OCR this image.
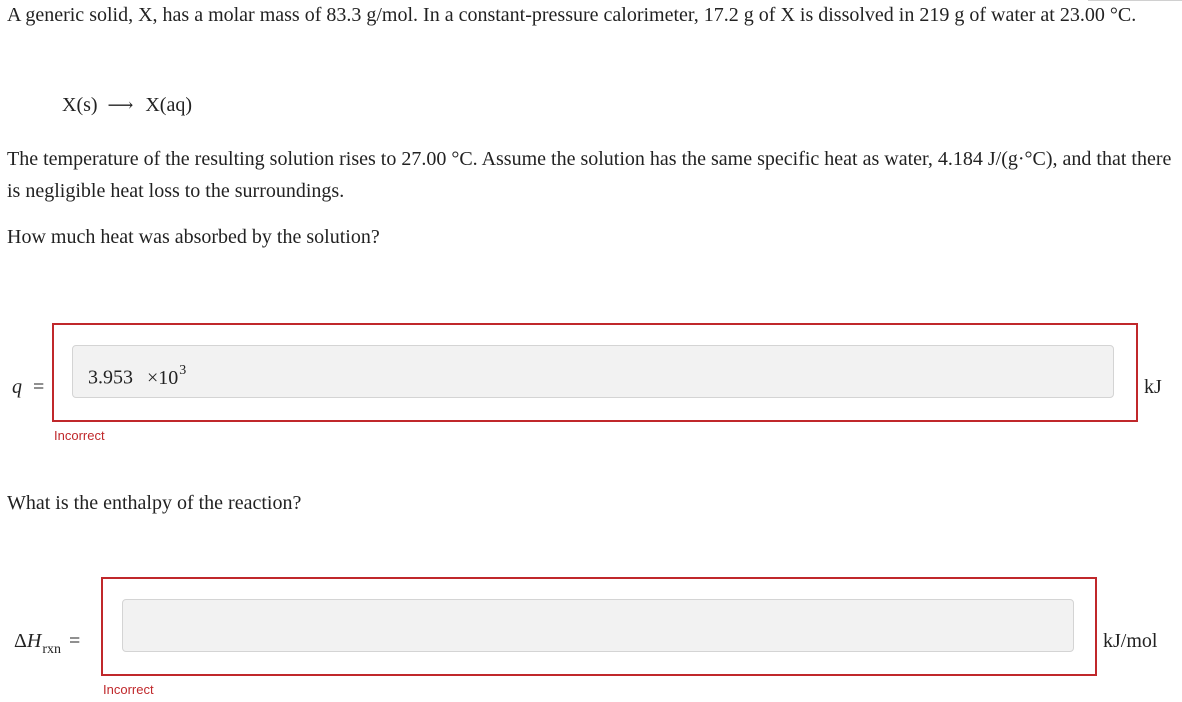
A generic solid, X, has a molar mass of 83.3 g/mol. In a constant-pressure calorimeter, 17.2 g of X is dissolved in 219 g of water at 23.00 °C.

X(s) ⟶ X(aq)

The temperature of the resulting solution rises to 27.00 °C. Assume the solution has the same specific heat as water, 4.184 J/(g·°C), and that there is negligible heat loss to the surroundings.

How much heat was absorbed by the solution?

$q = 3.953 \times 10^3$
kJ
Incorrect

What is the enthalpy of the reaction?

$\Delta H_{rxn}$ =	kJ/mol
Incorrect
